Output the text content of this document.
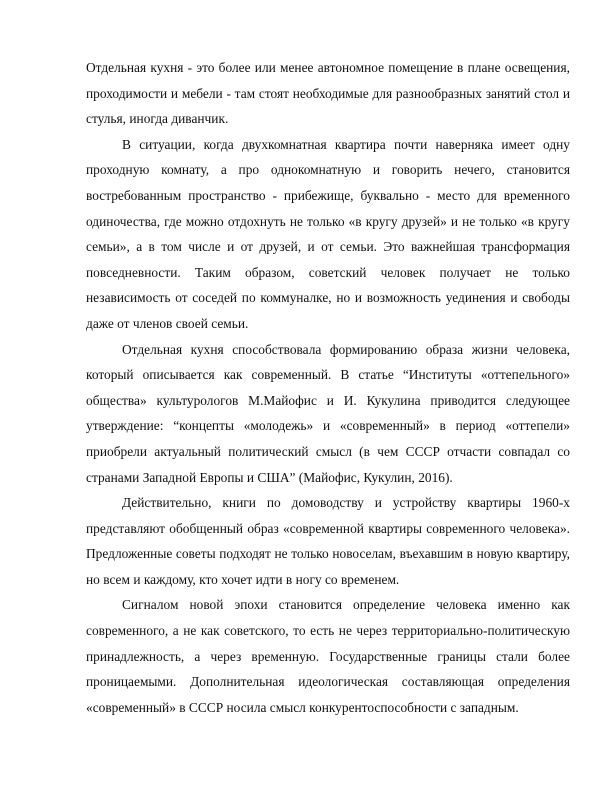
Отдельная кухня - это более или менее автономное помещение в плане освещения, проходимости и мебели - там стоят необходимые для разнообразных занятий стол и стулья, иногда диванчик.

В ситуации, когда двухкомнатная квартира почти наверняка имеет одну проходную комнату, а про однокомнатную и говорить нечего, становится востребованным пространство - прибежище, буквально - место для временного одиночества, где можно отдохнуть не только «в кругу друзей» и не только «в кругу семьи», а в том числе и от друзей, и от семьи. Это важнейшая трансформация повседневности. Таким образом, советский человек получает не только независимость от соседей по коммуналке, но и возможность уединения и свободы даже от членов своей семьи.

Отдельная кухня способствовала формированию образа жизни человека, который описывается как современный. В статье “Институты «оттепельного» общества» культурологов М.Майофис и И. Кукулина приводится следующее утверждение: “концепты «молодежь» и «современный» в период «оттепели» приобрели актуальный политический смысл (в чем СССР отчасти совпадал со странами Западной Европы и США” (Майофис, Кукулин, 2016).

Действительно, книги по домоводству и устройству квартиры 1960-х представляют обобщенный образ «современной квартиры современного человека». Предложенные советы подходят не только новоселам, въехавшим в новую квартиру, но всем и каждому, кто хочет идти в ногу со временем.

Сигналом новой эпохи становится определение человека именно как современного, а не как советского, то есть не через территориально-политическую принадлежность, а через временную. Государственные границы стали более проницаемыми. Дополнительная идеологическая составляющая определения «современный» в СССР носила смысл конкурентоспособности с западным.
